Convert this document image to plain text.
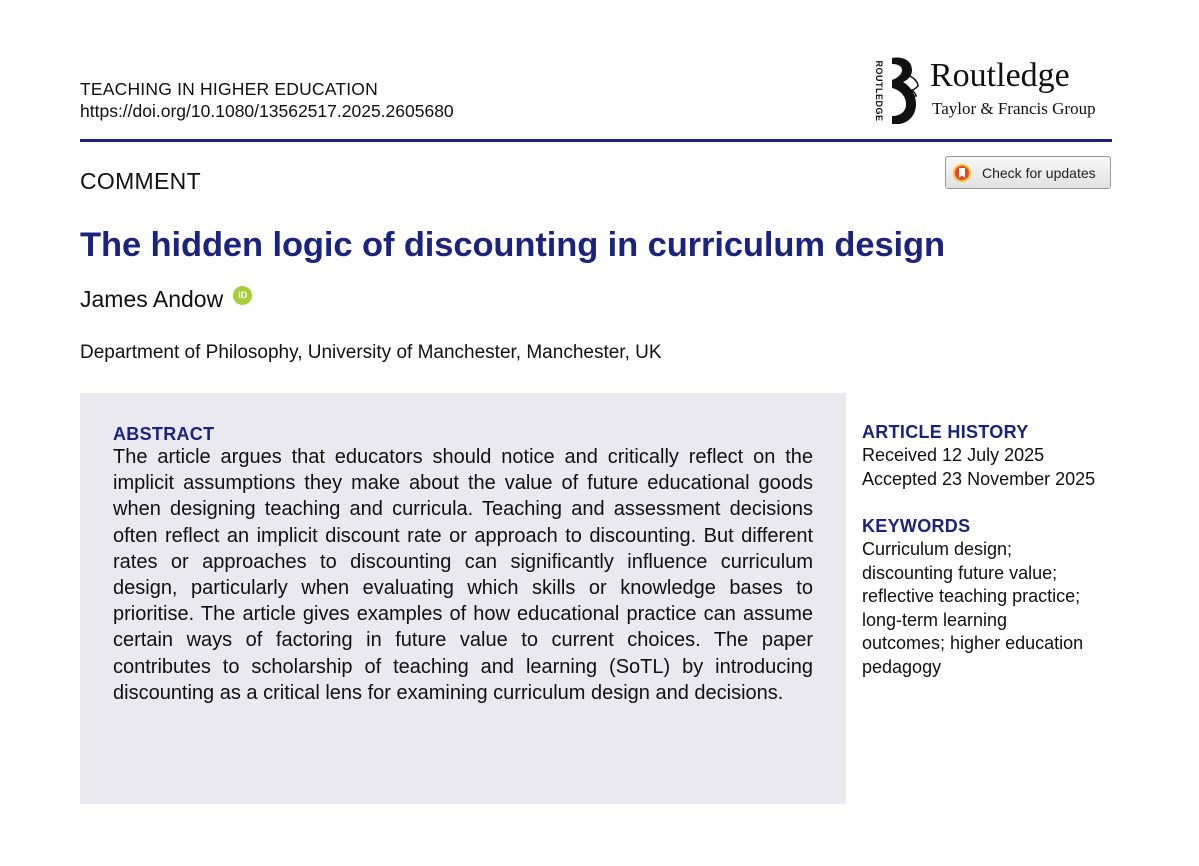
TEACHING IN HIGHER EDUCATION
https://doi.org/10.1080/13562517.2025.2605680	ROUTLEDGE Routledge
Taylor & Francis Group
COMMENT	Check for updates
The hidden logic of discounting in curriculum design
James Andow	iD
Department of Philosophy, University of Manchester, Manchester, UK
ABSTRACT
The article argues that educators should notice and critically reflect on the implicit assumptions they make about the value of future educational goods when designing teaching and curricula. Teaching and assessment decisions often reflect an implicit discount rate or approach to discounting. But different rates or approaches to discounting can significantly influence curriculum design, particularly when evaluating which skills or knowledge bases to prioritise. The article gives examples of how educational practice can assume certain ways of factoring in future value to current choices. The paper contributes to scholarship of teaching and learning (SoTL) by introducing discounting as a critical lens for examining curriculum design and decisions.
ARTICLE HISTORY
Received 12 July 2025
Accepted 23 November 2025
KEYWORDS
Curriculum design;
discounting future value;
reflective teaching practice;
long-term learning
outcomes; higher education
pedagogy
